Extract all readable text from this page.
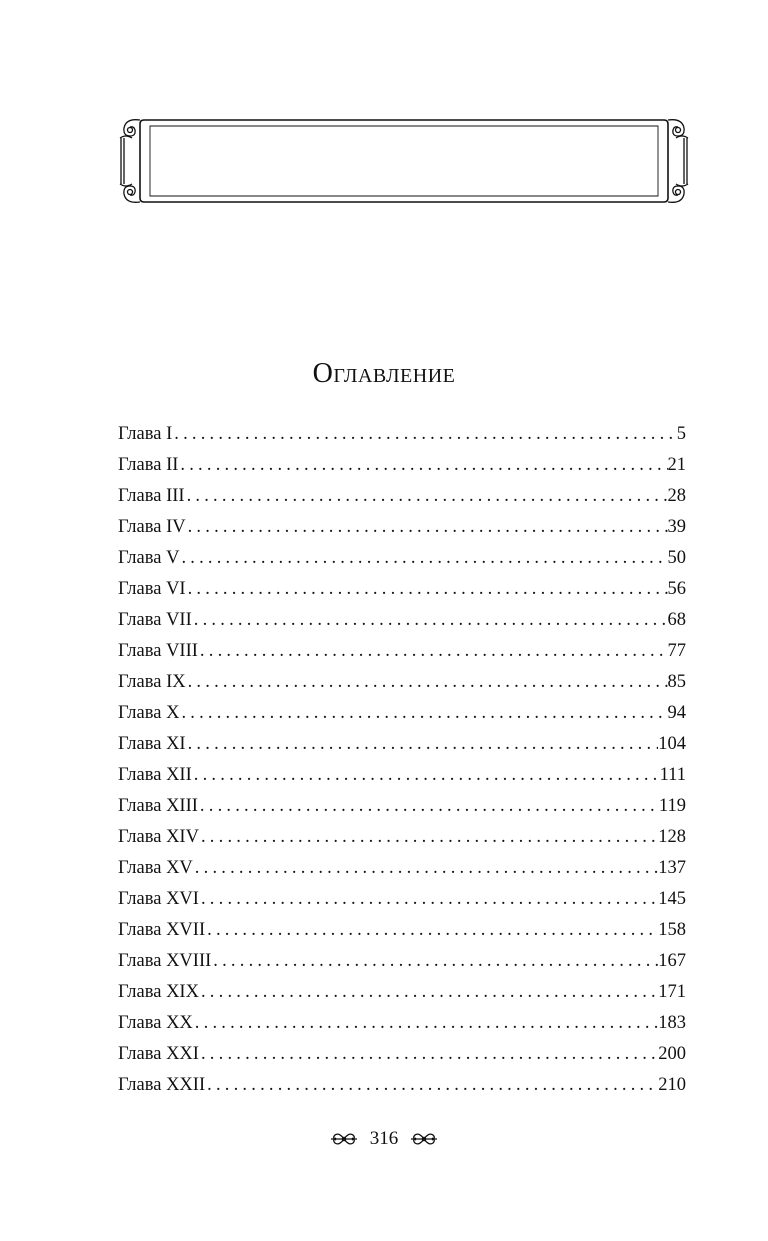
Оглавление
Глава I .....	5
Глава II .....	21
Глава III .....	28
Глава IV .....	39
Глава V .....	50
Глава VI .....	56
Глава VII .....	68
Глава VIII .....	77
Глава IX .....	85
Глава X .....	94
Глава XI .....	104
Глава XII .....	111
Глава XIII .....	119
Глава XIV .....	128
Глава XV .....	137
Глава XVI .....	145
Глава XVII .....	158
Глава XVIII .....	167
Глава XIX .....	171
Глава XX .....	183
Глава XXI .....	200
Глава XXII .....	210
316
